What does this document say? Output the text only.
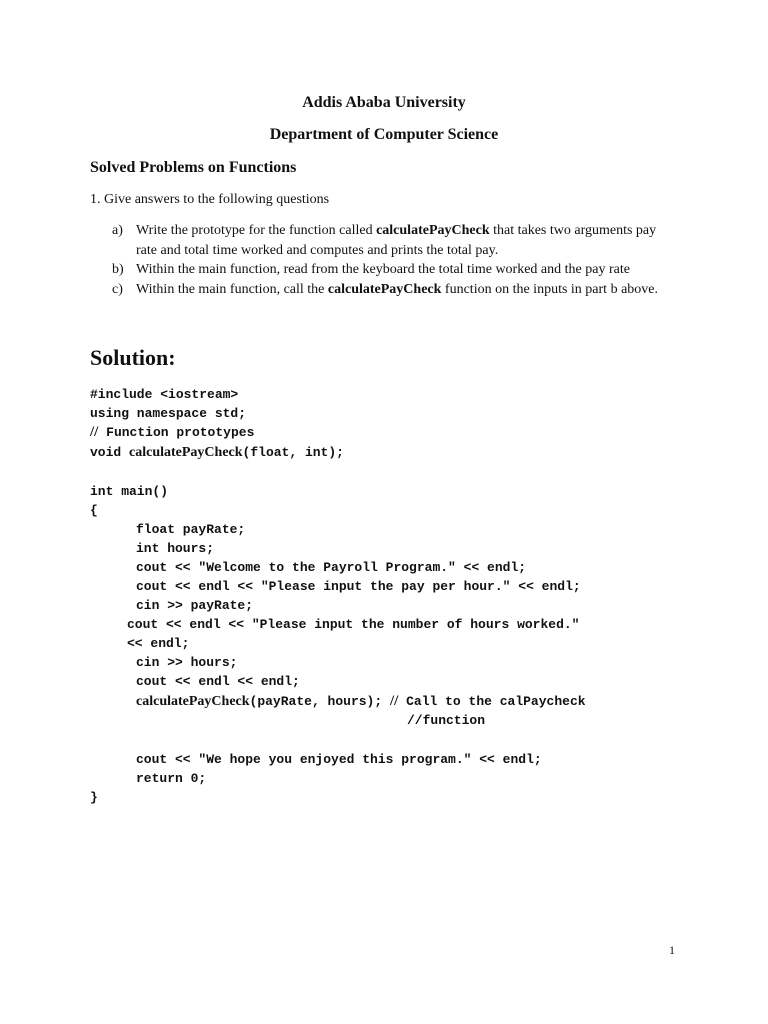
Addis Ababa University
Department of Computer Science
Solved Problems on Functions
1. Give answers to the following questions
a) Write the prototype for the function called calculatePayCheck that takes two arguments pay rate and total time worked and computes and prints the total pay.
b) Within the main function, read from the keyboard the total time worked and the pay rate
c) Within the main function, call the calculatePayCheck function on the inputs in part b above.
Solution:
#include <iostream>
using namespace std;
// Function prototypes
void calculatePayCheck(float, int);
int main()
{
float payRate;
int hours;
cout << "Welcome to the Payroll Program." << endl;
cout << endl << "Please input the pay per hour." << endl;
cin >> payRate;
cout << endl << "Please input the number of hours worked."
<< endl;
cin >> hours;
cout << endl << endl;
calculatePayCheck(payRate, hours); // Call to the calPaycheck
//function
cout << "We hope you enjoyed this program." << endl;
return 0;
}
1
